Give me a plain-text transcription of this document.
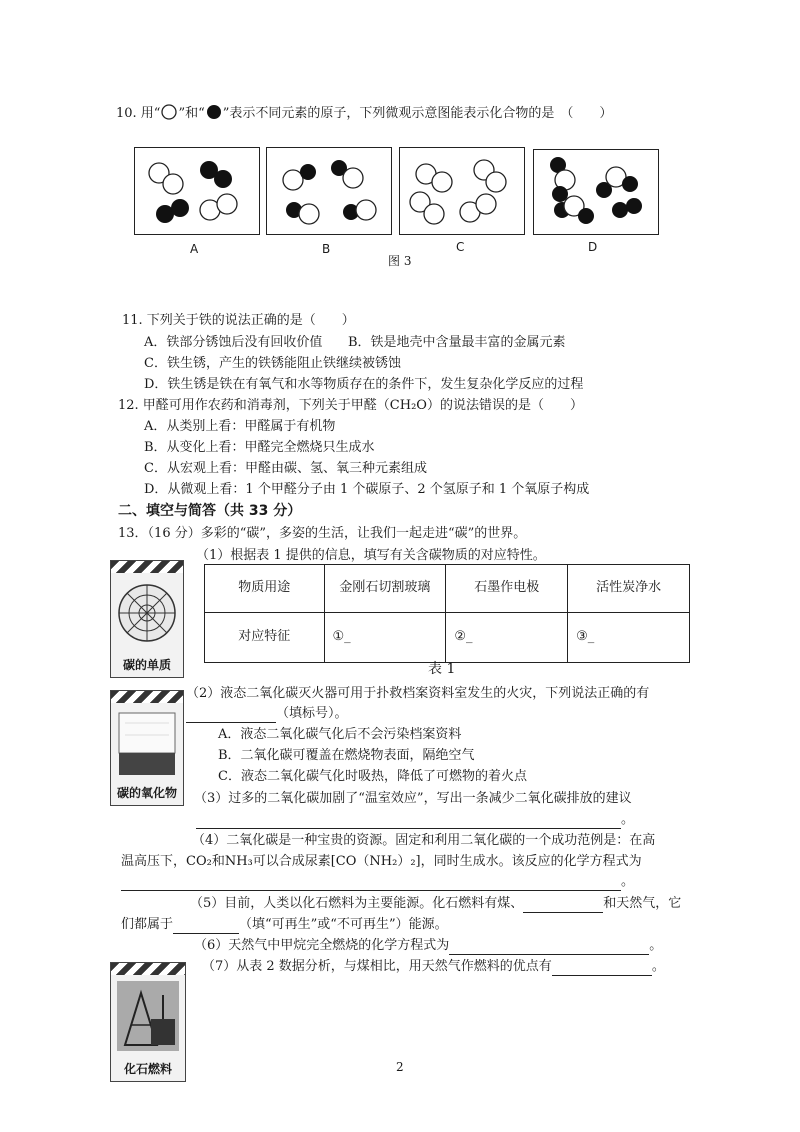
10. 用“ ”和“ ”表示不同元素的原子，下列微观示意图能表示化合物的是 （　　）
A	B	C	D
图 3
11. 下列关于铁的说法正确的是（　　）
A．铁部分锈蚀后没有回收价值 B．铁是地壳中含量最丰富的金属元素
C．铁生锈，产生的铁锈能阻止铁继续被锈蚀
D．铁生锈是铁在有氧气和水等物质存在的条件下，发生复杂化学反应的过程
12. 甲醛可用作农药和消毒剂，下列关于甲醛（CH₂O）的说法错误的是（　　）
A．从类别上看：甲醛属于有机物
B．从变化上看：甲醛完全燃烧只生成水
C．从宏观上看：甲醛由碳、氢、氧三种元素组成
D．从微观上看：1 个甲醛分子由 1 个碳原子、2 个氢原子和 1 个氧原子构成
二、填空与简答（共 33 分）
13．（16 分）多彩的“碳”，多姿的生活，让我们一起走进“碳”的世界。
（1）根据表 1 提供的信息，填写有关含碳物质的对应特性。
碳的单质
物质用途	金刚石切割玻璃	石墨作电极	活性炭净水
对应特征	①_	②_	③_
表 1
碳的氧化物
（2）液态二氧化碳灭火器可用于扑救档案资料室发生的火灾，下列说法正确的有
（填标号）。
A．液态二氧化碳气化后不会污染档案资料
B．二氧化碳可覆盖在燃烧物表面，隔绝空气
C．液态二氧化碳气化时吸热，降低了可燃物的着火点
（3）过多的二氧化碳加剧了“温室效应”，写出一条减少二氧化碳排放的建议
。
（4）二氧化碳是一种宝贵的资源。固定和利用二氧化碳的一个成功范例是：在高
温高压下，CO₂和NH₃可以合成尿素[CO（NH₂）₂]，同时生成水。该反应的化学方程式为
。
（5）目前，人类以化石燃料为主要能源。化石燃料有煤、	和天然气，它
们都属于	（填“可再生”或“不可再生”）能源。
（6）天然气中甲烷完全燃烧的化学方程式为	。
化石燃料
（7）从表 2 数据分析，与煤相比，用天然气作燃料的优点有	。
2
